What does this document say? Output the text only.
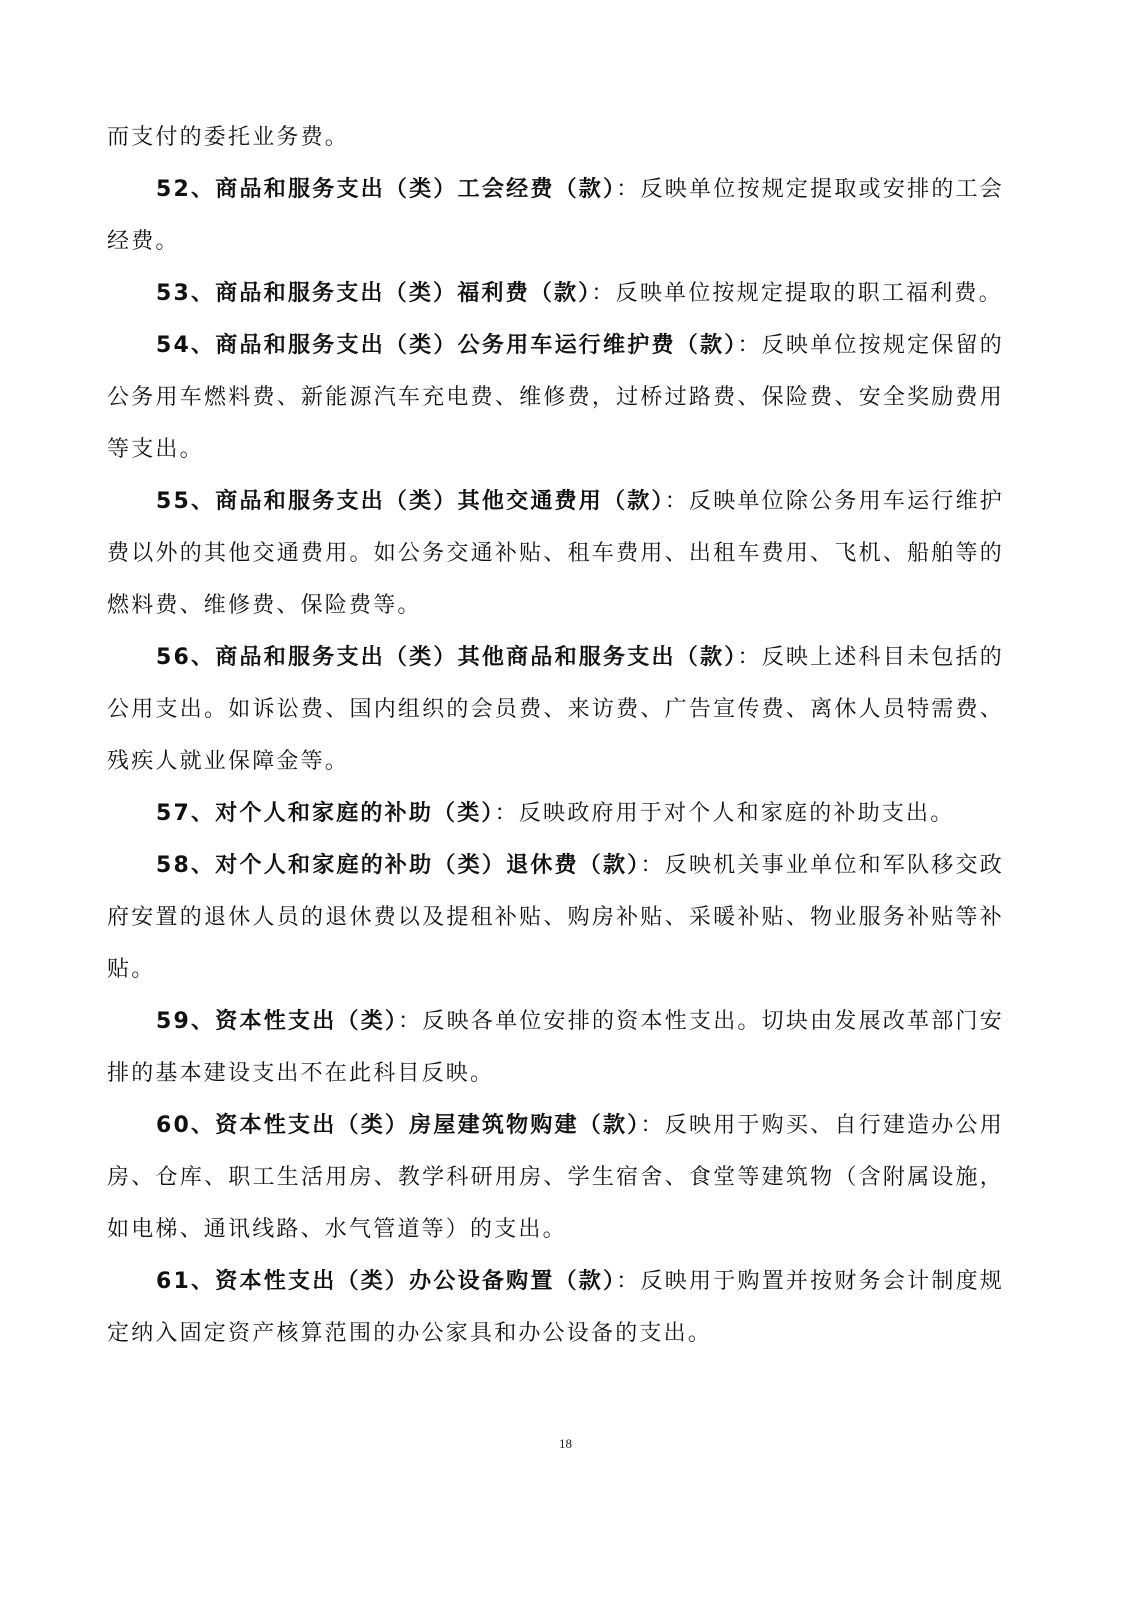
而支付的委托业务费。

52、商品和服务支出（类）工会经费（款）：反映单位按规定提取或安排的工会经费。

53、商品和服务支出（类）福利费（款）：反映单位按规定提取的职工福利费。

54、商品和服务支出（类）公务用车运行维护费（款）：反映单位按规定保留的公务用车燃料费、新能源汽车充电费、维修费，过桥过路费、保险费、安全奖励费用等支出。

55、商品和服务支出（类）其他交通费用（款）：反映单位除公务用车运行维护费以外的其他交通费用。如公务交通补贴、租车费用、出租车费用、飞机、船舶等的燃料费、维修费、保险费等。

56、商品和服务支出（类）其他商品和服务支出（款）：反映上述科目未包括的公用支出。如诉讼费、国内组织的会员费、来访费、广告宣传费、离休人员特需费、残疾人就业保障金等。

57、对个人和家庭的补助（类）：反映政府用于对个人和家庭的补助支出。

58、对个人和家庭的补助（类）退休费（款）：反映机关事业单位和军队移交政府安置的退休人员的退休费以及提租补贴、购房补贴、采暖补贴、物业服务补贴等补贴。

59、资本性支出（类）：反映各单位安排的资本性支出。切块由发展改革部门安排的基本建设支出不在此科目反映。

60、资本性支出（类）房屋建筑物购建（款）：反映用于购买、自行建造办公用房、仓库、职工生活用房、教学科研用房、学生宿舍、食堂等建筑物（含附属设施，如电梯、通讯线路、水气管道等）的支出。

61、资本性支出（类）办公设备购置（款）：反映用于购置并按财务会计制度规定纳入固定资产核算范围的办公家具和办公设备的支出。

18
